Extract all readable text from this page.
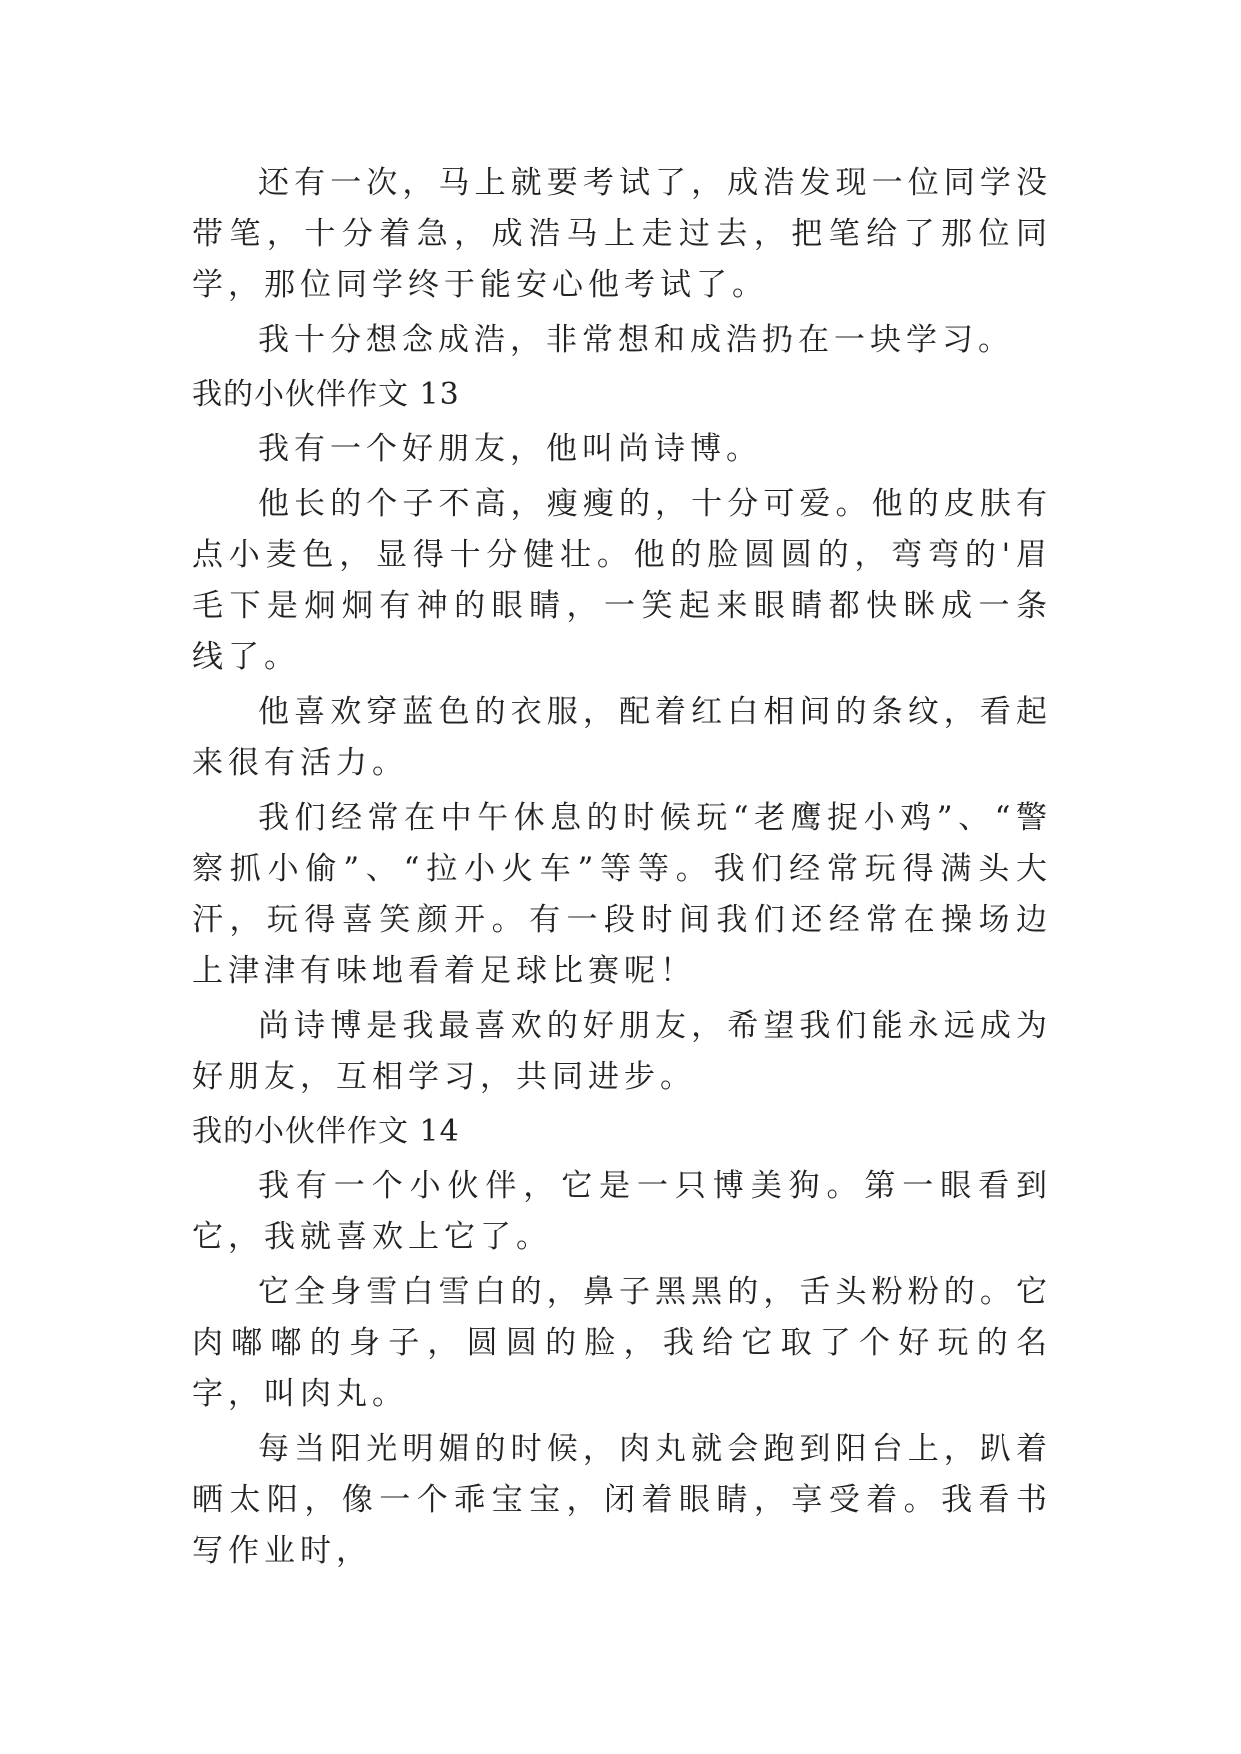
还有一次，马上就要考试了，成浩发现一位同学没带笔，十分着急，成浩马上走过去，把笔给了那位同学，那位同学终于能安心他考试了。

我十分想念成浩，非常想和成浩扔在一块学习。

我的小伙伴作文 13

我有一个好朋友，他叫尚诗博。

他长的个子不高，瘦瘦的，十分可爱。他的皮肤有点小麦色，显得十分健壮。他的脸圆圆的，弯弯的'眉毛下是炯炯有神的眼睛，一笑起来眼睛都快眯成一条线了。

他喜欢穿蓝色的衣服，配着红白相间的条纹，看起来很有活力。

我们经常在中午休息的时候玩“老鹰捉小鸡”、“警察抓小偷”、“拉小火车”等等。我们经常玩得满头大汗，玩得喜笑颜开。有一段时间我们还经常在操场边上津津有味地看着足球比赛呢！

尚诗博是我最喜欢的好朋友，希望我们能永远成为好朋友，互相学习，共同进步。

我的小伙伴作文 14

我有一个小伙伴，它是一只博美狗。第一眼看到它，我就喜欢上它了。

它全身雪白雪白的，鼻子黑黑的，舌头粉粉的。它肉嘟嘟的身子，圆圆的脸，我给它取了个好玩的名字，叫肉丸。

每当阳光明媚的时候，肉丸就会跑到阳台上，趴着晒太阳，像一个乖宝宝，闭着眼睛，享受着。我看书写作业时，
